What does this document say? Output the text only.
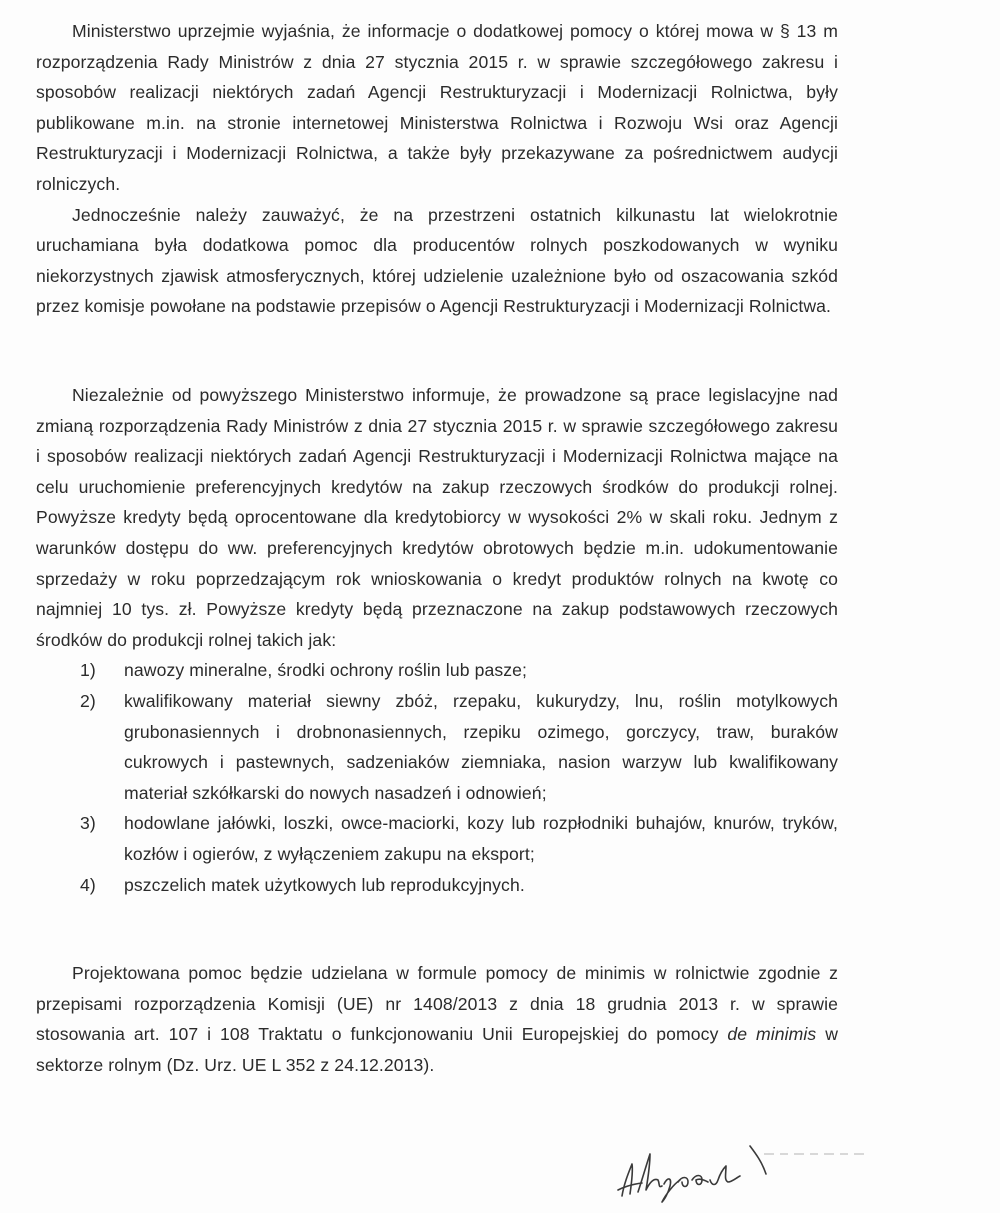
Ministerstwo uprzejmie wyjaśnia, że informacje o dodatkowej pomocy o której mowa w § 13 m rozporządzenia Rady Ministrów z dnia 27 stycznia 2015 r. w sprawie szczegółowego zakresu i sposobów realizacji niektórych zadań Agencji Restrukturyzacji i Modernizacji Rolnictwa, były publikowane m.in. na stronie internetowej Ministerstwa Rolnictwa i Rozwoju Wsi oraz Agencji Restrukturyzacji i Modernizacji Rolnictwa, a także były przekazywane za pośrednictwem audycji rolniczych.

Jednocześnie należy zauważyć, że na przestrzeni ostatnich kilkunastu lat wielokrotnie uruchamiana była dodatkowa pomoc dla producentów rolnych poszkodowanych w wyniku niekorzystnych zjawisk atmosferycznych, której udzielenie uzależnione było od oszacowania szkód przez komisje powołane na podstawie przepisów o Agencji Restrukturyzacji i Modernizacji Rolnictwa.

Niezależnie od powyższego Ministerstwo informuje, że prowadzone są prace legislacyjne nad zmianą rozporządzenia Rady Ministrów z dnia 27 stycznia 2015 r. w sprawie szczegółowego zakresu i sposobów realizacji niektórych zadań Agencji Restrukturyzacji i Modernizacji Rolnictwa mające na celu uruchomienie preferencyjnych kredytów na zakup rzeczowych środków do produkcji rolnej. Powyższe kredyty będą oprocentowane dla kredytobiorcy w wysokości 2% w skali roku. Jednym z warunków dostępu do ww. preferencyjnych kredytów obrotowych będzie m.in. udokumentowanie sprzedaży w roku poprzedzającym rok wnioskowania o kredyt produktów rolnych na kwotę co najmniej 10 tys. zł. Powyższe kredyty będą przeznaczone na zakup podstawowych rzeczowych środków do produkcji rolnej takich jak:

1) nawozy mineralne, środki ochrony roślin lub pasze;
2) kwalifikowany materiał siewny zbóż, rzepaku, kukurydzy, lnu, roślin motylkowych grubonasiennych i drobnonasiennych, rzepiku ozimego, gorczycy, traw, buraków cukrowych i pastewnych, sadzeniaków ziemniaka, nasion warzyw lub kwalifikowany materiał szkółkarski do nowych nasadzeń i odnowień;
3) hodowlane jałówki, loszki, owce-maciorki, kozy lub rozpłodniki buhajów, knurów, tryków, kozłów i ogierów, z wyłączeniem zakupu na eksport;
4) pszczelich matek użytkowych lub reprodukcyjnych.

Projektowana pomoc będzie udzielana w formule pomocy de minimis w rolnictwie zgodnie z przepisami rozporządzenia Komisji (UE) nr 1408/2013 z dnia 18 grudnia 2013 r. w sprawie stosowania art. 107 i 108 Traktatu o funkcjonowaniu Unii Europejskiej do pomocy de minimis w sektorze rolnym (Dz. Urz. UE L 352 z 24.12.2013).
